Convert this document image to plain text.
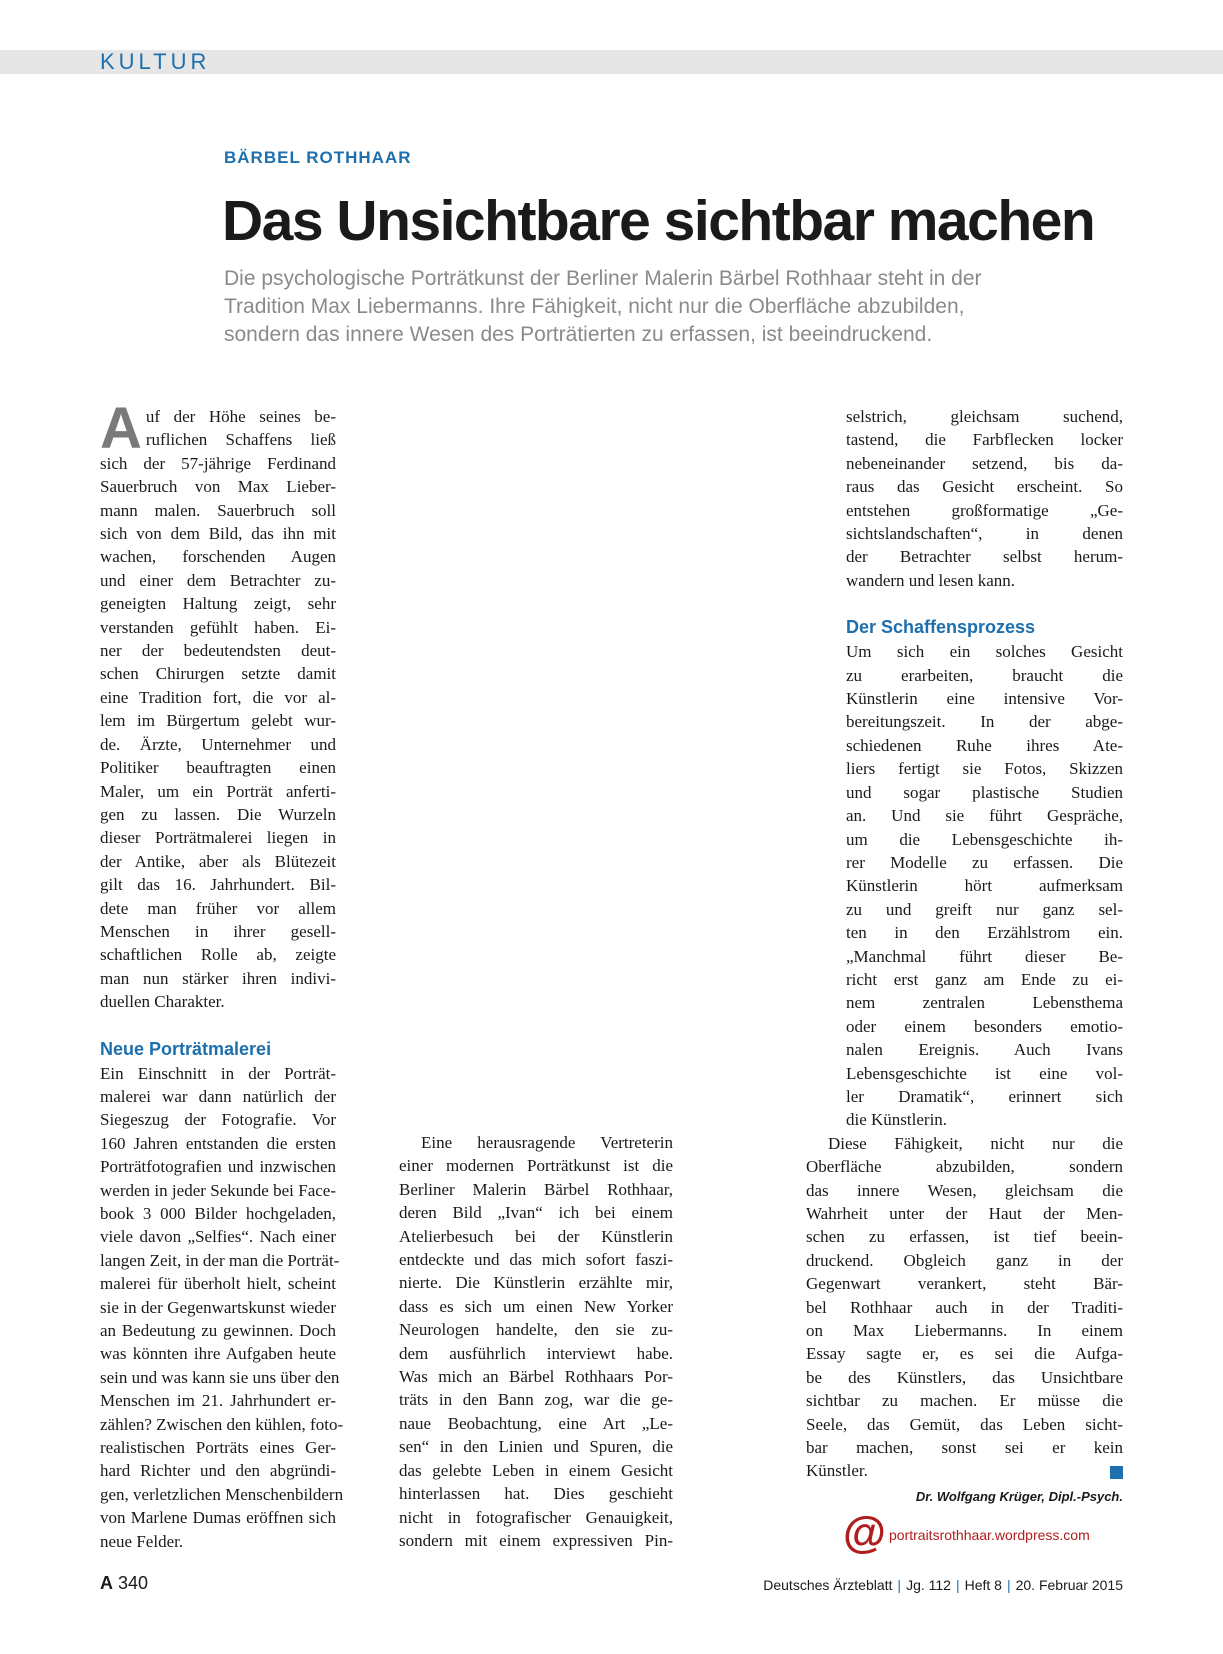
KULTUR
BÄRBEL ROTHHAAR
Das Unsichtbare sichtbar machen
Die psychologische Porträtkunst der Berliner Malerin Bärbel Rothhaar steht in der
Tradition Max Liebermanns. Ihre Fähigkeit, nicht nur die Oberfläche abzubilden,
sondern das innere Wesen des Porträtierten zu erfassen, ist beeindruckend.
A uf der Höhe seines be-
ruflichen Schaffens ließ
sich der 57-jährige Ferdinand
Sauerbruch von Max Lieber-
mann malen. Sauerbruch soll
sich von dem Bild, das ihn mit
wachen, forschenden Augen
und einer dem Betrachter zu-
geneigten Haltung zeigt, sehr
verstanden gefühlt haben. Ei-
ner der bedeutendsten deut-
schen Chirurgen setzte damit
eine Tradition fort, die vor al-
lem im Bürgertum gelebt wur-
de. Ärzte, Unternehmer und
Politiker beauftragten einen
Maler, um ein Porträt anferti-
gen zu lassen. Die Wurzeln
dieser Porträtmalerei liegen in
der Antike, aber als Blütezeit
gilt das 16. Jahrhundert. Bil-
dete man früher vor allem
Menschen in ihrer gesell-
schaftlichen Rolle ab, zeigte
man nun stärker ihren indivi-
duellen Charakter.
Neue Porträtmalerei
Ein Einschnitt in der Porträt-
malerei war dann natürlich der
Siegeszug der Fotografie. Vor
160 Jahren entstanden die ersten
Porträtfotografien und inzwischen
werden in jeder Sekunde bei Face-
book 3 000 Bilder hochgeladen,
viele davon „Selfies“. Nach einer
langen Zeit, in der man die Porträt-
malerei für überholt hielt, scheint
sie in der Gegenwartskunst wieder
an Bedeutung zu gewinnen. Doch
was könnten ihre Aufgaben heute
sein und was kann sie uns über den
Menschen im 21. Jahrhundert er-
zählen? Zwischen den kühlen, foto-
realistischen Porträts eines Ger-
hard Richter und den abgründi-
gen, verletzlichen Menschenbildern
von Marlene Dumas eröffnen sich
neue Felder.
Eine herausragende Vertreterin
einer modernen Porträtkunst ist die
Berliner Malerin Bärbel Rothhaar,
deren Bild „Ivan“ ich bei einem
Atelierbesuch bei der Künstlerin
entdeckte und das mich sofort faszi-
nierte. Die Künstlerin erzählte mir,
dass es sich um einen New Yorker
Neurologen handelte, den sie zu-
dem ausführlich interviewt habe.
Was mich an Bärbel Rothhaars Por-
träts in den Bann zog, war die ge-
naue Beobachtung, eine Art „Le-
sen“ in den Linien und Spuren, die
das gelebte Leben in einem Gesicht
hinterlassen hat. Dies geschieht
nicht in fotografischer Genauigkeit,
sondern mit einem expressiven Pin-
selstrich, gleichsam suchend,
tastend, die Farbflecken locker
nebeneinander setzend, bis da-
raus das Gesicht erscheint. So
entstehen großformatige „Ge-
sichtslandschaften“, in denen
der Betrachter selbst herum-
wandern und lesen kann.
Der Schaffensprozess
Um sich ein solches Gesicht
zu erarbeiten, braucht die
Künstlerin eine intensive Vor-
bereitungszeit. In der abge-
schiedenen Ruhe ihres Ate-
liers fertigt sie Fotos, Skizzen
und sogar plastische Studien
an. Und sie führt Gespräche,
um die Lebensgeschichte ih-
rer Modelle zu erfassen. Die
Künstlerin hört aufmerksam
zu und greift nur ganz sel-
ten in den Erzählstrom ein.
„Manchmal führt dieser Be-
richt erst ganz am Ende zu ei-
nem zentralen Lebensthema
oder einem besonders emotio-
nalen Ereignis. Auch Ivans
Lebensgeschichte ist eine vol-
ler Dramatik“, erinnert sich
die Künstlerin.
Diese Fähigkeit, nicht nur die
Oberfläche abzubilden, sondern
das innere Wesen, gleichsam die
Wahrheit unter der Haut der Men-
schen zu erfassen, ist tief beein-
druckend. Obgleich ganz in der
Gegenwart verankert, steht Bär-
bel Rothhaar auch in der Traditi-
on Max Liebermanns. In einem
Essay sagte er, es sei die Aufga-
be des Künstlers, das Unsichtbare
sichtbar zu machen. Er müsse die
Seele, das Gemüt, das Leben sicht-
bar machen, sonst sei er kein
Künstler.
Dr. Wolfgang Krüger, Dipl.-Psych.
@ portraitsrothhaar.wordpress.com
A 340	Deutsches Ärzteblatt | Jg. 112 | Heft 8 | 20. Februar 2015
